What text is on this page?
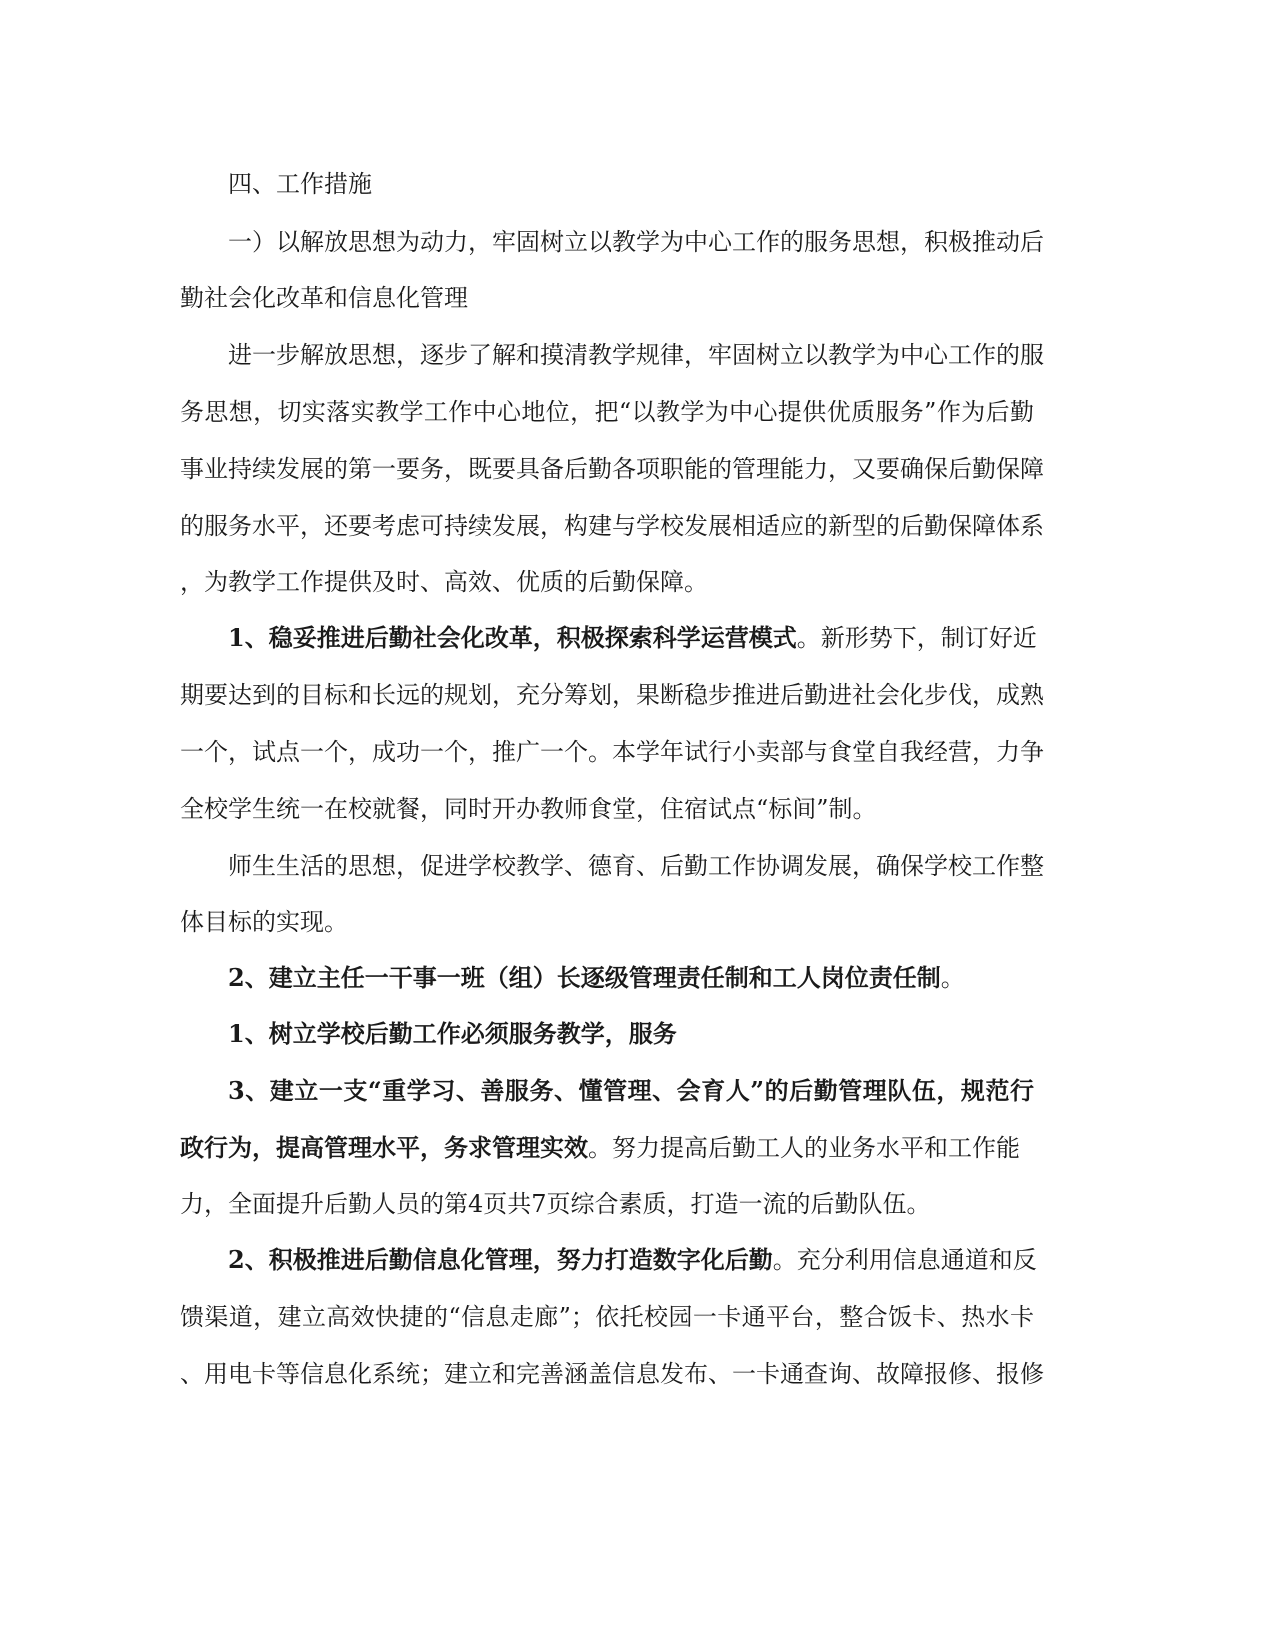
四、工作措施
一）以解放思想为动力，牢固树立以教学为中心工作的服务思想，积极推动后
勤社会化改革和信息化管理
进一步解放思想，逐步了解和摸清教学规律，牢固树立以教学为中心工作的服
务思想，切实落实教学工作中心地位，把“以教学为中心提供优质服务”作为后勤
事业持续发展的第一要务，既要具备后勤各项职能的管理能力，又要确保后勤保障
的服务水平，还要考虑可持续发展，构建与学校发展相适应的新型的后勤保障体系
，为教学工作提供及时、高效、优质的后勤保障。
1、稳妥推进后勤社会化改革，积极探索科学运营模式。新形势下，制订好近
期要达到的目标和长远的规划，充分筹划，果断稳步推进后勤进社会化步伐，成熟
一个，试点一个，成功一个，推广一个。本学年试行小卖部与食堂自我经营，力争
全校学生统一在校就餐，同时开办教师食堂，住宿试点“标间”制。
师生生活的思想，促进学校教学、德育、后勤工作协调发展，确保学校工作整
体目标的实现。
2、建立主任一干事一班（组）长逐级管理责任制和工人岗位责任制。
1、树立学校后勤工作必须服务教学，服务
3、建立一支“重学习、善服务、懂管理、会育人”的后勤管理队伍，规范行
政行为，提高管理水平，务求管理实效。努力提高后勤工人的业务水平和工作能
力，全面提升后勤人员的第4页共7页综合素质，打造一流的后勤队伍。
2、积极推进后勤信息化管理，努力打造数字化后勤。充分利用信息通道和反
馈渠道，建立高效快捷的“信息走廊”；依托校园一卡通平台，整合饭卡、热水卡
、用电卡等信息化系统；建立和完善涵盖信息发布、一卡通查询、故障报修、报修
